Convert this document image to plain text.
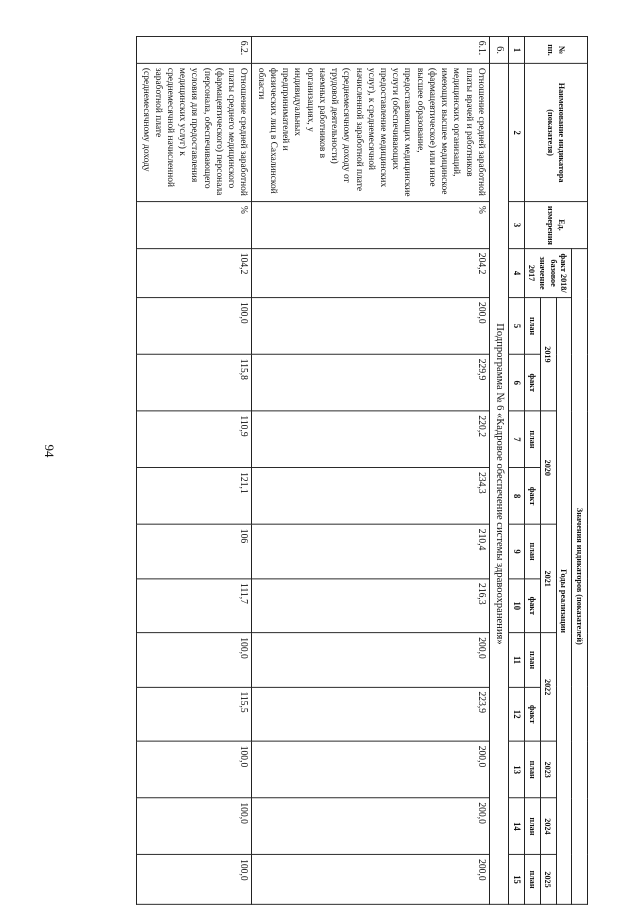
94
№ пп.	Наименование индикатора (показателя)	Ед. измерения	Значения индикаторов (показателей)											
			факт 2018/базовое значение 2017	Годы реализации										
				2019		2020		2021		2022		2023	2024	2025
				план	факт	план	факт	план	факт	план	факт	план	план	план
1	2	3	4	5	6	7	8	9	10	11	12	13	14	15
6.	Подпрограмма № 6 «Кадровое обеспечение системы здравоохранения»													
6.1.	Отношение средней заработной платы врачей и работников медицинских организаций, имеющих высшее медицинское (фармацевтическое) или иное высшее образование, предоставляющих медицинские услуги (обеспечивающих предоставление медицинских услуг), к среднемесячной начисленной заработной плате (среднемесячному доходу от трудовой деятельности) наемных работников в организациях, у индивидуальных предпринимателей и физических лиц в Сахалинской области	%	204,2	200,0	229,9	220,2	234,3	210,4	216,3	200,0	223,9	200,0	200,0	200,0
6.2.	Отношение средней заработной платы среднего медицинского (фармацевтического) персонала (персонала, обеспечивающего условия для предоставления медицинских услуг) к среднемесячной начисленной заработной плате (среднемесячному доходу	%	104,2	100,0	115,8	110,9	121,1	106	111,7	100,0	115,5	100,0	100,0	100,0
